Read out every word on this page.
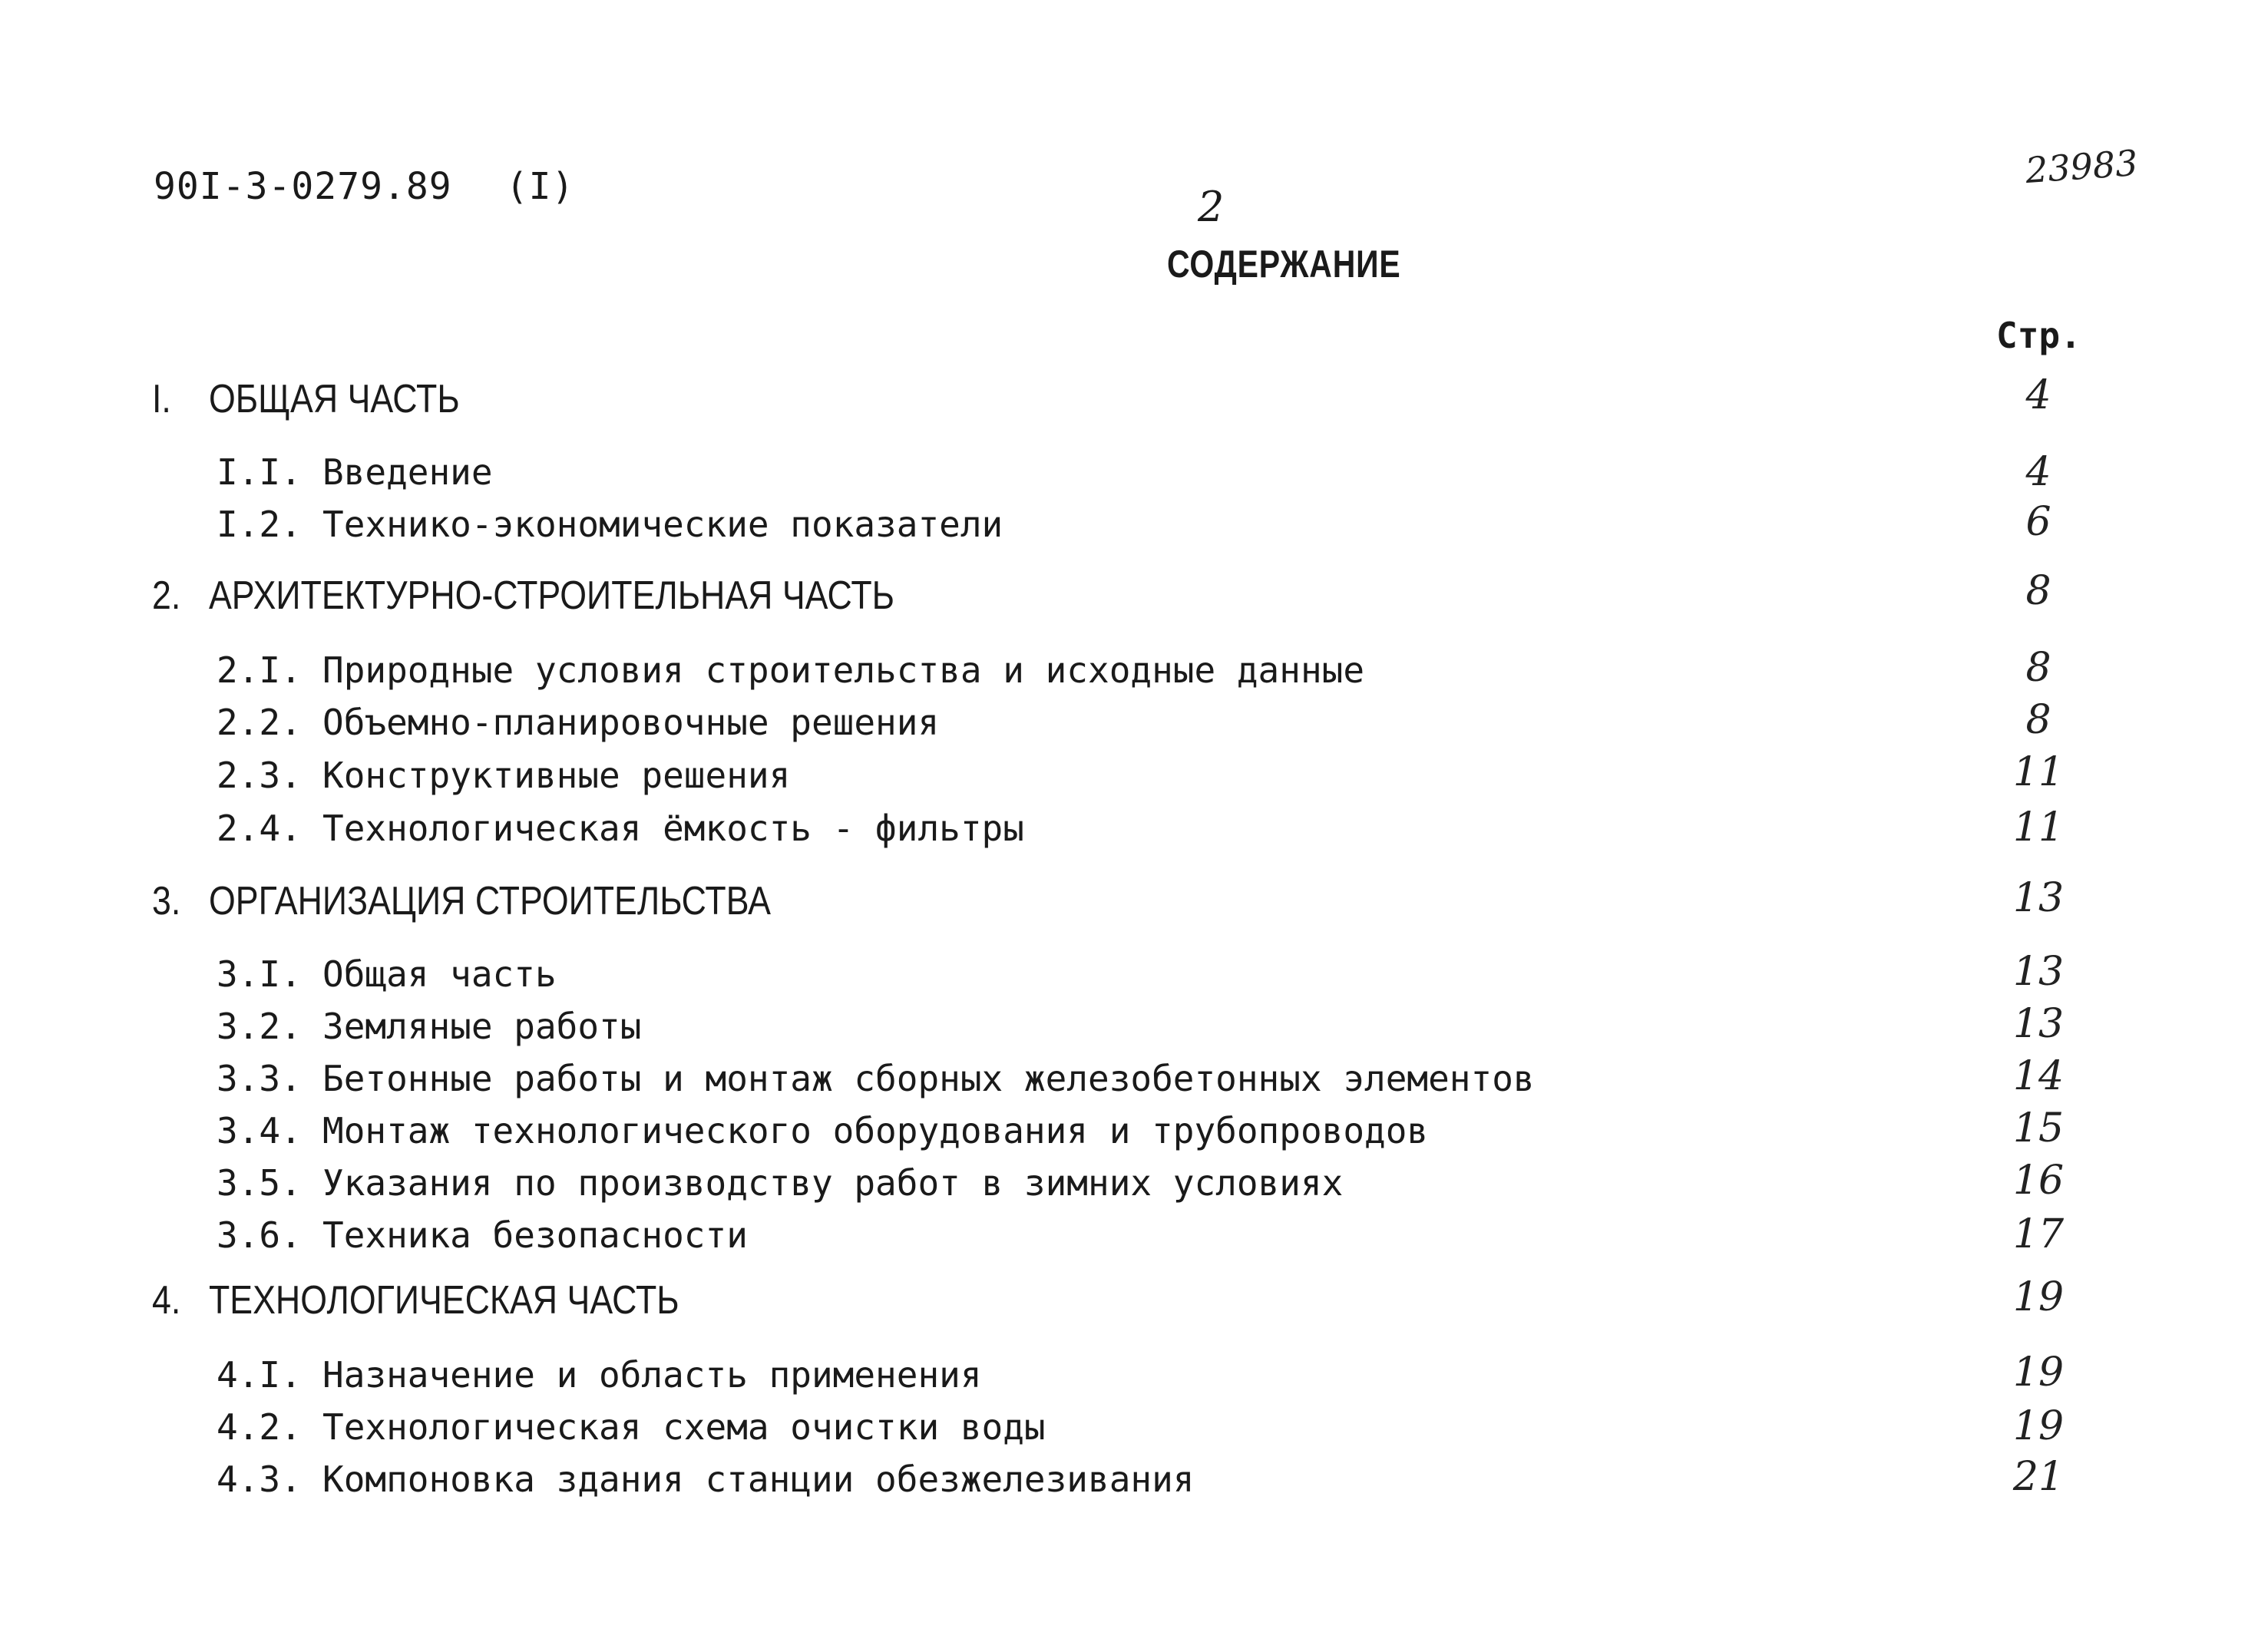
90I-3-0279.89 (I)	23983
2
СОДЕРЖАНИЕ
Стр.
I. ОБЩАЯ ЧАСТЬ	4
I.I. Введение	4
I.2. Технико-экономические показатели	6
2. АРХИТЕКТУРНО-СТРОИТЕЛЬНАЯ ЧАСТЬ	8
2.I. Природные условия строительства и исходные данные	8
2.2. Объемно-планировочные решения	8
2.3. Конструктивные решения	11
2.4. Технологическая ёмкость - фильтры	11
3. ОРГАНИЗАЦИЯ СТРОИТЕЛЬСТВА	13
3.I. Общая часть	13
3.2. Земляные работы	13
3.3. Бетонные работы и монтаж сборных железобетонных элементов	14
3.4. Монтаж технологического оборудования и трубопроводов	15
3.5. Указания по производству работ в зимних условиях	16
3.6. Техника безопасности	17
4. ТЕХНОЛОГИЧЕСКАЯ ЧАСТЬ	19
4.I. Назначение и область применения	19
4.2. Технологическая схема очистки воды	19
4.3. Компоновка здания станции обезжелезивания	21
